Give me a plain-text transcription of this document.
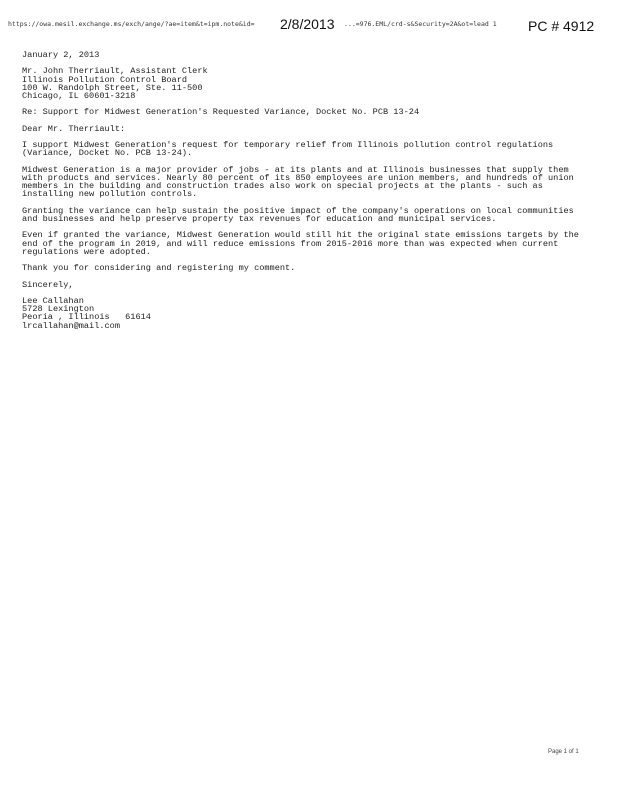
https://owa.mesil.exchange.ms/exch/ange/?ae=item&t=ipm.note&id= 2/8/2013 ...=976.EML/crd-s&Security=2A&ot=lead 1 PC # 4912
January 2, 2013
Mr. John Therriault, Assistant Clerk
Illinois Pollution Control Board
100 W. Randolph Street, Ste. 11-500
Chicago, IL 60601-3218
Re: Support for Midwest Generation's Requested Variance, Docket No. PCB 13-24
Dear Mr. Therriault:
I support Midwest Generation's request for temporary relief from Illinois pollution control regulations (Variance, Docket No. PCB 13-24).
Midwest Generation is a major provider of jobs - at its plants and at Illinois businesses that supply them with products and services. Nearly 80 percent of its 850 employees are union members, and hundreds of union members in the building and construction trades also work on special projects at the plants - such as installing new pollution controls.
Granting the variance can help sustain the positive impact of the company's operations on local communities and businesses and help preserve property tax revenues for education and municipal services.
Even if granted the variance, Midwest Generation would still hit the original state emissions targets by the end of the program in 2019, and will reduce emissions from 2015-2016 more than was expected when current regulations were adopted.
Thank you for considering and registering my comment.
Sincerely,
Lee Callahan
5728 Lexington
Peoria , Illinois   61614
lrcallahan@mail.com
Page 1 of 1
